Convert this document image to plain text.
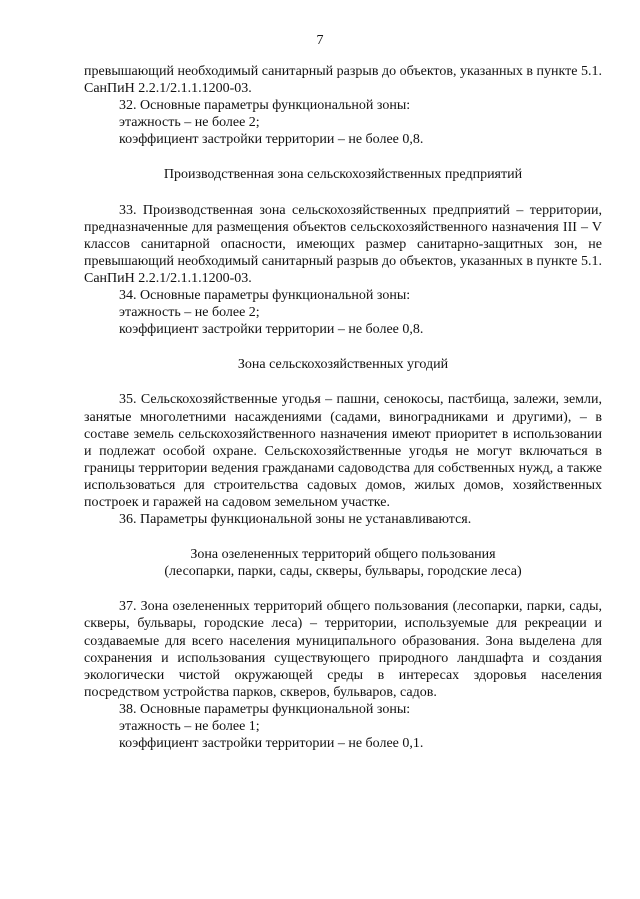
7

превышающий необходимый санитарный разрыв до объектов, указанных в пункте 5.1. СанПиН 2.2.1/2.1.1.1200-03.

32. Основные параметры функциональной зоны:

этажность – не более 2;

коэффициент застройки территории – не более 0,8.

Производственная зона сельскохозяйственных предприятий

33. Производственная зона сельскохозяйственных предприятий – территории, предназначенные для размещения объектов сельскохозяйственного назначения III – V классов санитарной опасности, имеющих размер санитарно-защитных зон, не превышающий необходимый санитарный разрыв до объектов, указанных в пункте 5.1. СанПиН 2.2.1/2.1.1.1200-03.

34. Основные параметры функциональной зоны:

этажность – не более 2;

коэффициент застройки территории – не более 0,8.

Зона сельскохозяйственных угодий

35. Сельскохозяйственные угодья – пашни, сенокосы, пастбища, залежи, земли, занятые многолетними насаждениями (садами, виноградниками и другими), – в составе земель сельскохозяйственного назначения имеют приоритет в использовании и подлежат особой охране. Сельскохозяйственные угодья не могут включаться в границы территории ведения гражданами садоводства для собственных нужд, а также использоваться для строительства садовых домов, жилых домов, хозяйственных построек и гаражей на садовом земельном участке.

36. Параметры функциональной зоны не устанавливаются.

Зона озелененных территорий общего пользования

(лесопарки, парки, сады, скверы, бульвары, городские леса)

37. Зона озелененных территорий общего пользования (лесопарки, парки, сады, скверы, бульвары, городские леса) – территории, используемые для рекреации и создаваемые для всего населения муниципального образования. Зона выделена для сохранения и использования существующего природного ландшафта и создания экологически чистой окружающей среды в интересах здоровья населения посредством устройства парков, скверов, бульваров, садов.

38. Основные параметры функциональной зоны:

этажность – не более 1;

коэффициент застройки территории – не более 0,1.
